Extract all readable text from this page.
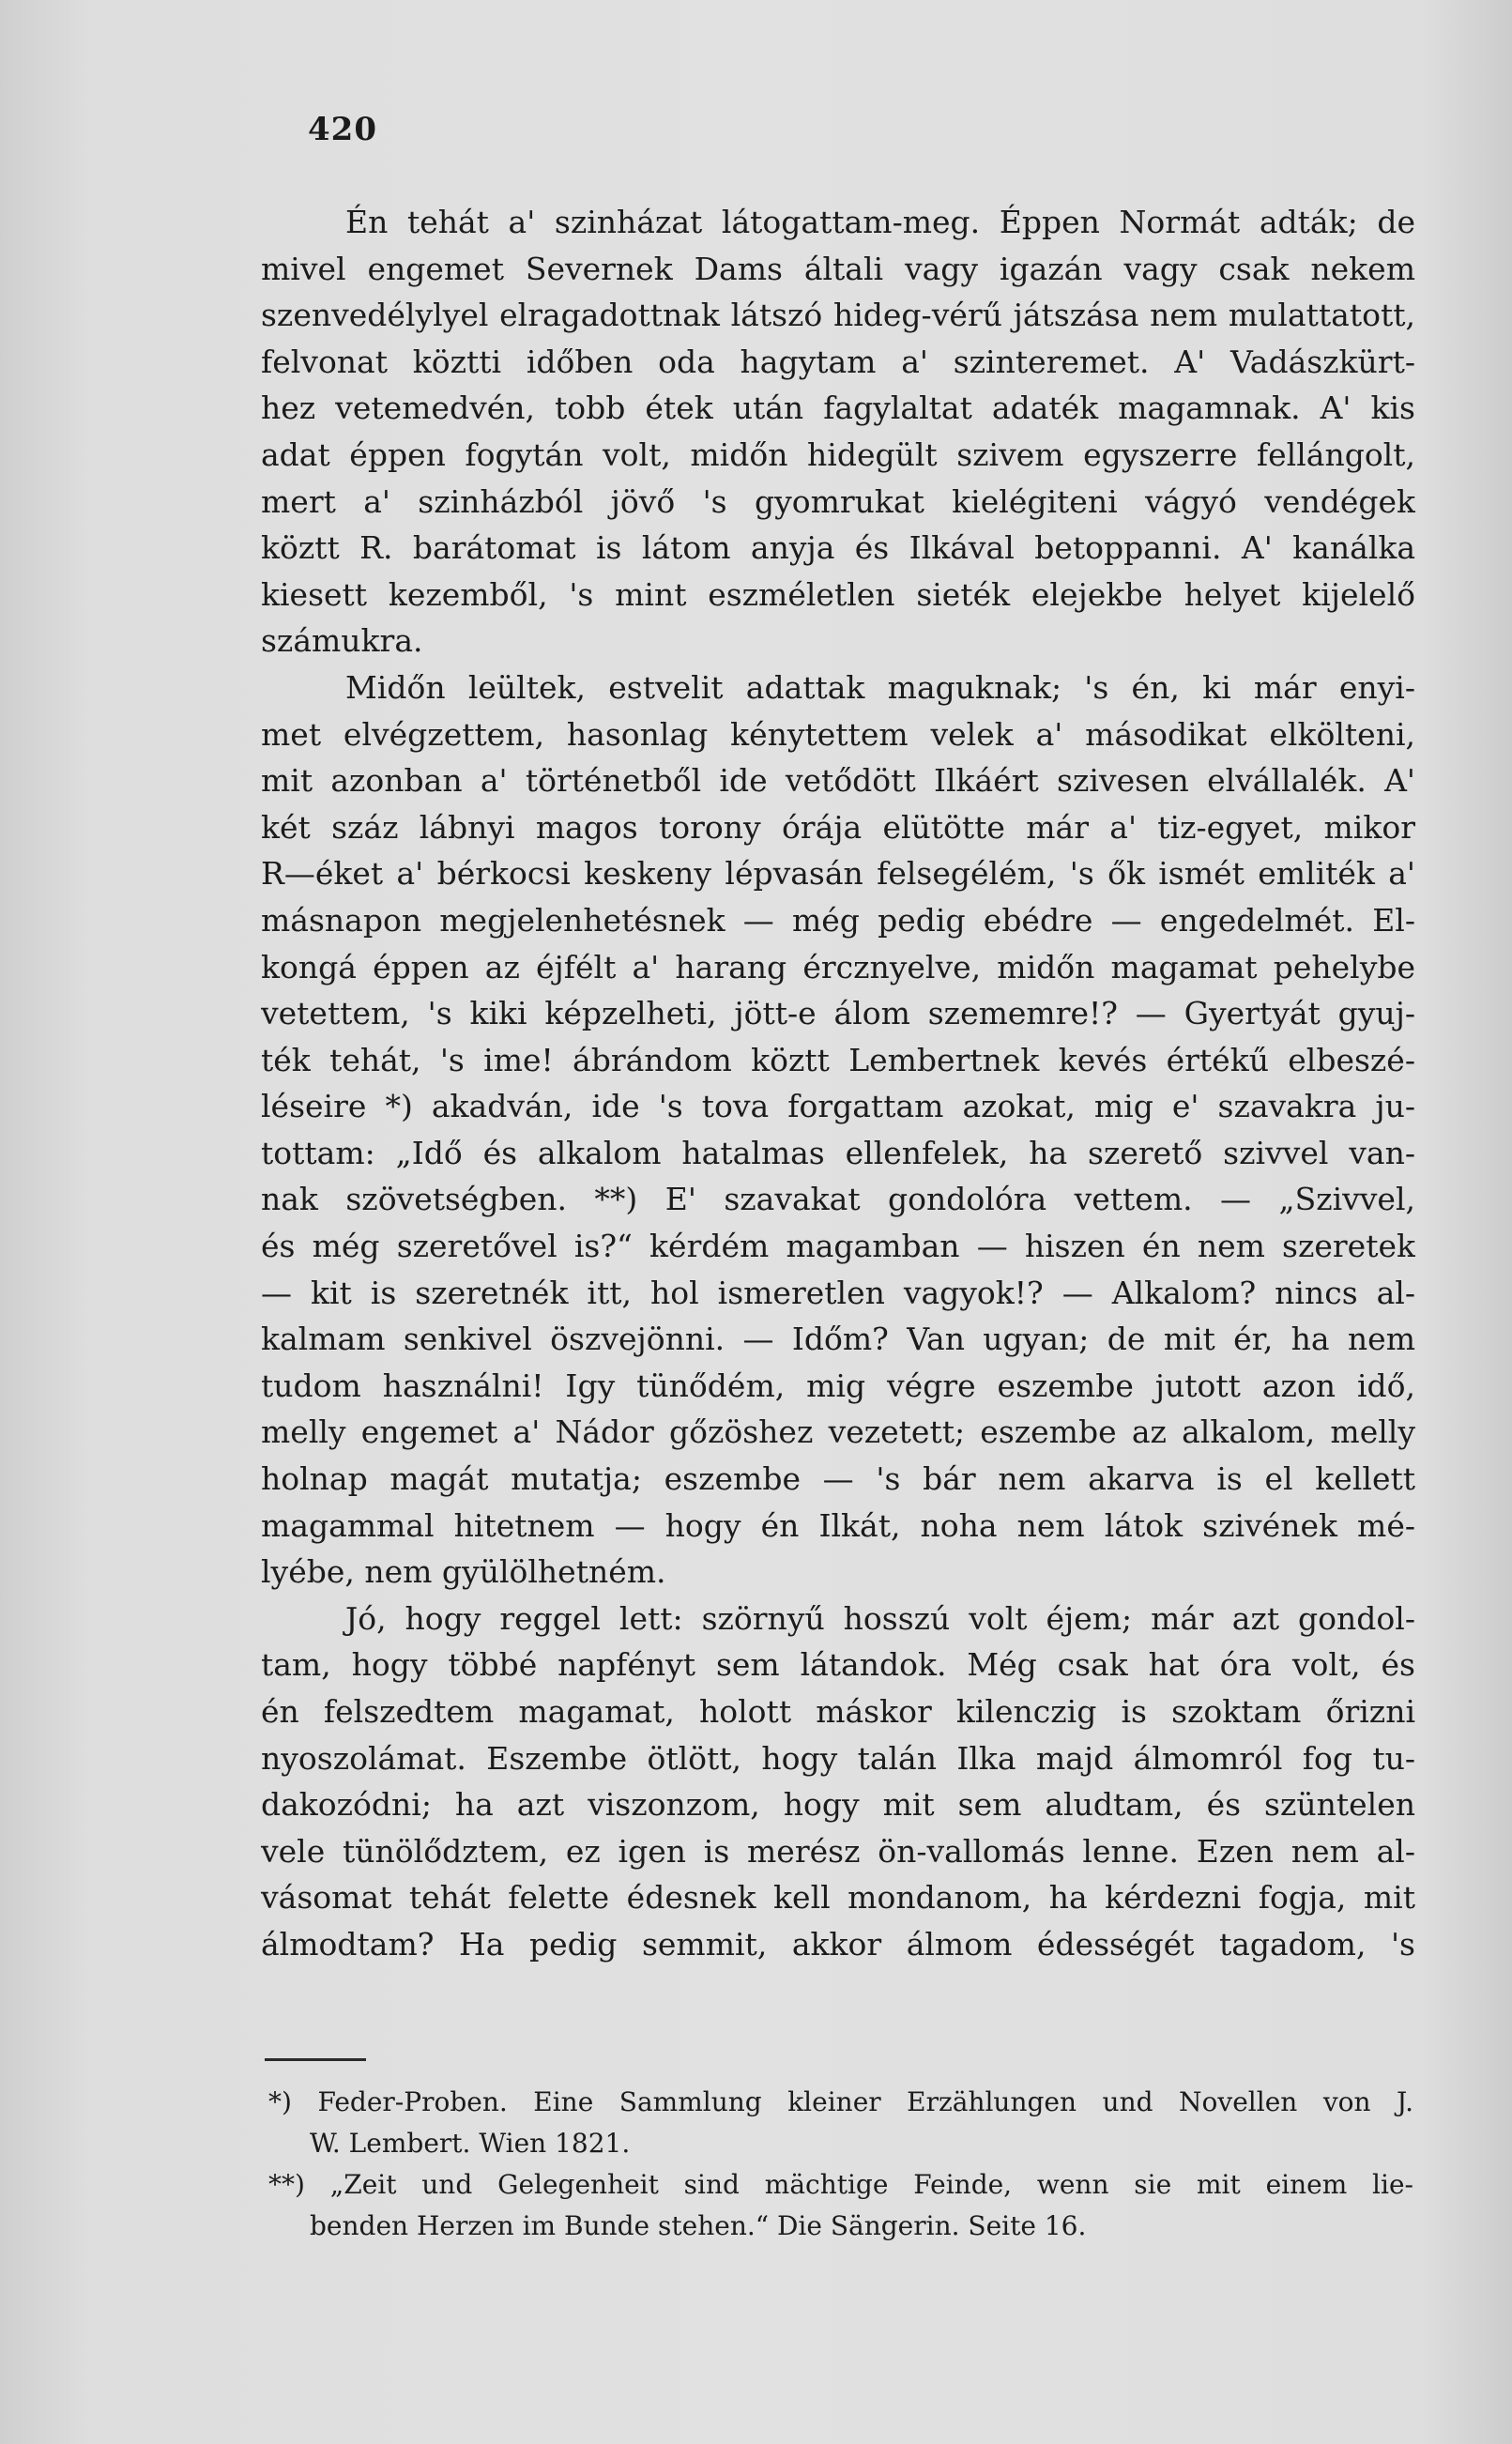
420
Én tehát a' szinházat látogattam-meg. Éppen Normát adták; de
mivel engemet Severnek Dams általi vagy igazán vagy csak nekem
szenvedélylyel elragadottnak látszó hideg-vérű játszása nem mulattatott,
felvonat köztti időben oda hagytam a' szinteremet. A' Vadászkürt-
hez vetemedvén, tobb étek után fagylaltat adaték magamnak. A' kis
adat éppen fogytán volt, midőn hidegült szivem egyszerre fellángolt,
mert a' szinházból jövő 's gyomrukat kielégiteni vágyó vendégek
köztt R. barátomat is látom anyja és Ilkával betoppanni. A' kanálka
kiesett kezemből, 's mint eszméletlen sieték elejekbe helyet kijelelő
számukra.
Midőn leültek, estvelit adattak maguknak; 's én, ki már enyi-
met elvégzettem, hasonlag kénytettem velek a' másodikat elkölteni,
mit azonban a' történetből ide vetődött Ilkáért szivesen elvállalék. A'
két száz lábnyi magos torony órája elütötte már a' tiz-egyet, mikor
R—éket a' bérkocsi keskeny lépvasán felsegélém, 's ők ismét emliték a'
másnapon megjelenhetésnek — még pedig ebédre — engedelmét. El-
kongá éppen az éjfélt a' harang ércznyelve, midőn magamat pehelybe
vetettem, 's kiki képzelheti, jött-e álom szememre!? — Gyertyát gyuj-
ték tehát, 's ime! ábrándom köztt Lembertnek kevés értékű elbeszé-
léseire *) akadván, ide 's tova forgattam azokat, mig e' szavakra ju-
tottam: „Idő és alkalom hatalmas ellenfelek, ha szerető szivvel van-
nak szövetségben. **) E' szavakat gondolóra vettem. — „Szivvel,
és még szeretővel is?“ kérdém magamban — hiszen én nem szeretek
— kit is szeretnék itt, hol ismeretlen vagyok!? — Alkalom? nincs al-
kalmam senkivel öszvejönni. — Időm? Van ugyan; de mit ér, ha nem
tudom használni! Igy tünődém, mig végre eszembe jutott azon idő,
melly engemet a' Nádor gőzöshez vezetett; eszembe az alkalom, melly
holnap magát mutatja; eszembe — 's bár nem akarva is el kellett
magammal hitetnem — hogy én Ilkát, noha nem látok szivének mé-
lyébe, nem gyülölhetném.
Jó, hogy reggel lett: szörnyű hosszú volt éjem; már azt gondol-
tam, hogy többé napfényt sem látandok. Még csak hat óra volt, és
én felszedtem magamat, holott máskor kilenczig is szoktam őrizni
nyoszolámat. Eszembe ötlött, hogy talán Ilka majd álmomról fog tu-
dakozódni; ha azt viszonzom, hogy mit sem aludtam, és szüntelen
vele tünölődztem, ez igen is merész ön-vallomás lenne. Ezen nem al-
vásomat tehát felette édesnek kell mondanom, ha kérdezni fogja, mit
álmodtam? Ha pedig semmit, akkor álmom édességét tagadom, 's
*) Feder-Proben. Eine Sammlung kleiner Erzählungen und Novellen von J.
W. Lembert. Wien 1821.
**) „Zeit und Gelegenheit sind mächtige Feinde, wenn sie mit einem lie-
benden Herzen im Bunde stehen.“ Die Sängerin. Seite 16.
